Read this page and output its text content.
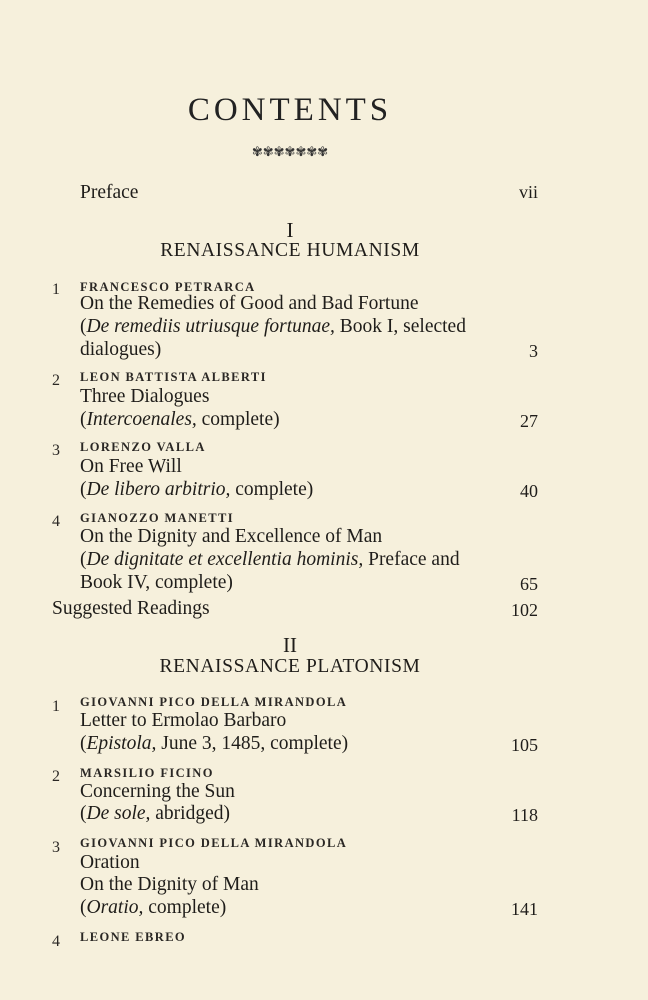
CONTENTS
✾✾✾✾✾✾✾
Preface	vii
I
RENAISSANCE HUMANISM
1 FRANCESCO PETRARCA
On the Remedies of Good and Bad Fortune
(De remediis utriusque fortunae, Book I, selected
dialogues)	3
2 LEON BATTISTA ALBERTI
Three Dialogues
(Intercoenales, complete)	27
3 LORENZO VALLA
On Free Will
(De libero arbitrio, complete)	40
4 GIANOZZO MANETTI
On the Dignity and Excellence of Man
(De dignitate et excellentia hominis, Preface and
Book IV, complete)	65
Suggested Readings	102
II
RENAISSANCE PLATONISM
1 GIOVANNI PICO DELLA MIRANDOLA
Letter to Ermolao Barbaro
(Epistola, June 3, 1485, complete)	105
2 MARSILIO FICINO
Concerning the Sun
(De sole, abridged)	118
3 GIOVANNI PICO DELLA MIRANDOLA
Oration
On the Dignity of Man
(Oratio, complete)	141
4 LEONE EBREO
